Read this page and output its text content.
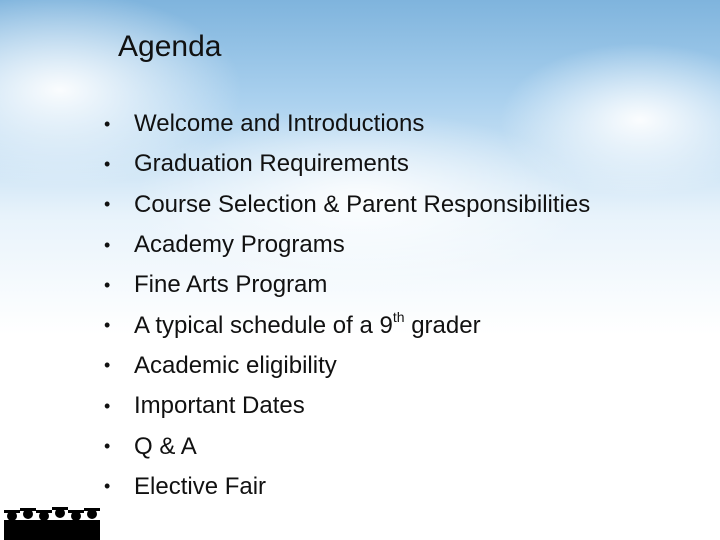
Agenda
• Welcome and Introductions
• Graduation Requirements
• Course Selection & Parent Responsibilities
• Academy Programs
• Fine Arts Program
• A typical schedule of a 9th grader
• Academic eligibility
• Important Dates
• Q & A
• Elective Fair
